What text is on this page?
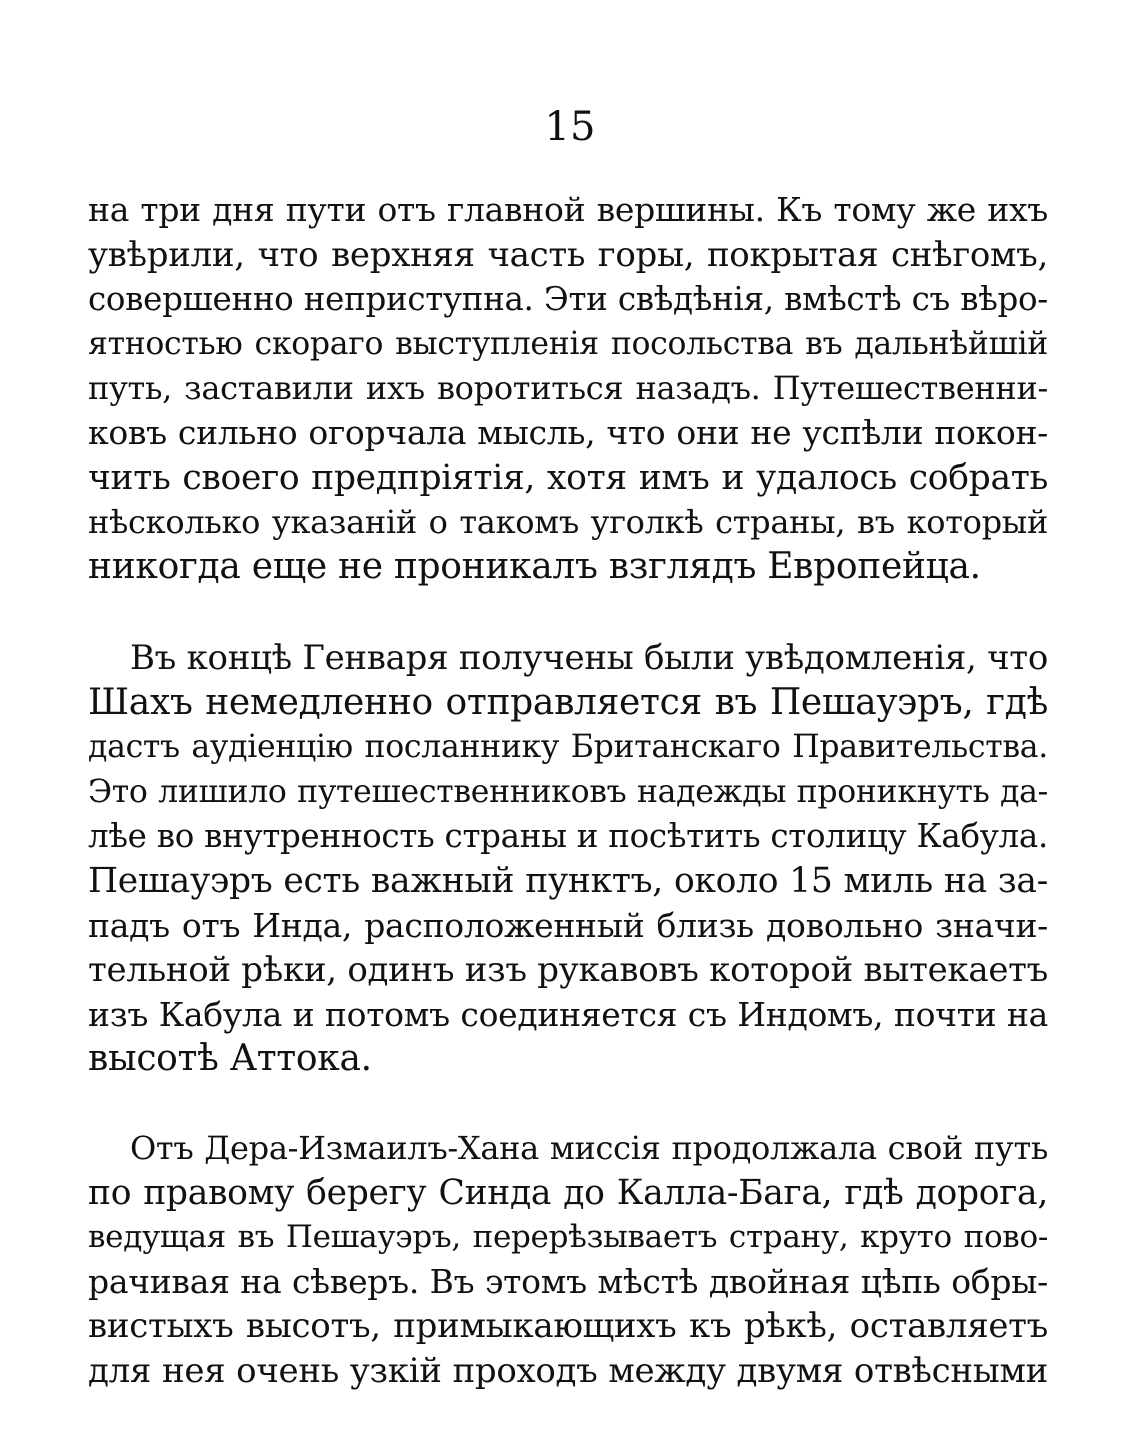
15
на три дня пути отъ главной вершины. Къ тому же ихъ
увѣрили, что верхняя часть горы, покрытая снѣгомъ,
совершенно неприступна. Эти свѣдѣнія, вмѣстѣ съ вѣро-
ятностью скораго выступленія посольства въ дальнѣйшій
путь, заставили ихъ воротиться назадъ. Путешественни-
ковъ сильно огорчала мысль, что они не успѣли покон-
чить своего предпріятія, хотя имъ и удалось собрать
нѣсколько указаній о такомъ уголкѣ страны, въ который
никогда еще не проникалъ взглядъ Европейца.
Въ концѣ Генваря получены были увѣдомленія, что
Шахъ немедленно отправляется въ Пешауэръ, гдѣ
дастъ аудіенцію посланнику Британскаго Правительства.
Это лишило путешественниковъ надежды проникнуть да-
лѣе во внутренность страны и посѣтить столицу Кабула.
Пешауэръ есть важный пунктъ, около 15 миль на за-
падъ отъ Инда, расположенный близь довольно значи-
тельной рѣки, одинъ изъ рукавовъ которой вытекаетъ
изъ Кабула и потомъ соединяется съ Индомъ, почти на
высотѣ Аттока.
Отъ Дера-Измаилъ-Хана миссія продолжала свой путь
по правому берегу Синда до Калла-Бага, гдѣ дорога,
ведущая въ Пешауэръ, перерѣзываетъ страну, круто пово-
рачивая на сѣверъ. Въ этомъ мѣстѣ двойная цѣпь обры-
вистыхъ высотъ, примыкающихъ къ рѣкѣ, оставляетъ
для нея очень узкій проходъ между двумя отвѣсными
